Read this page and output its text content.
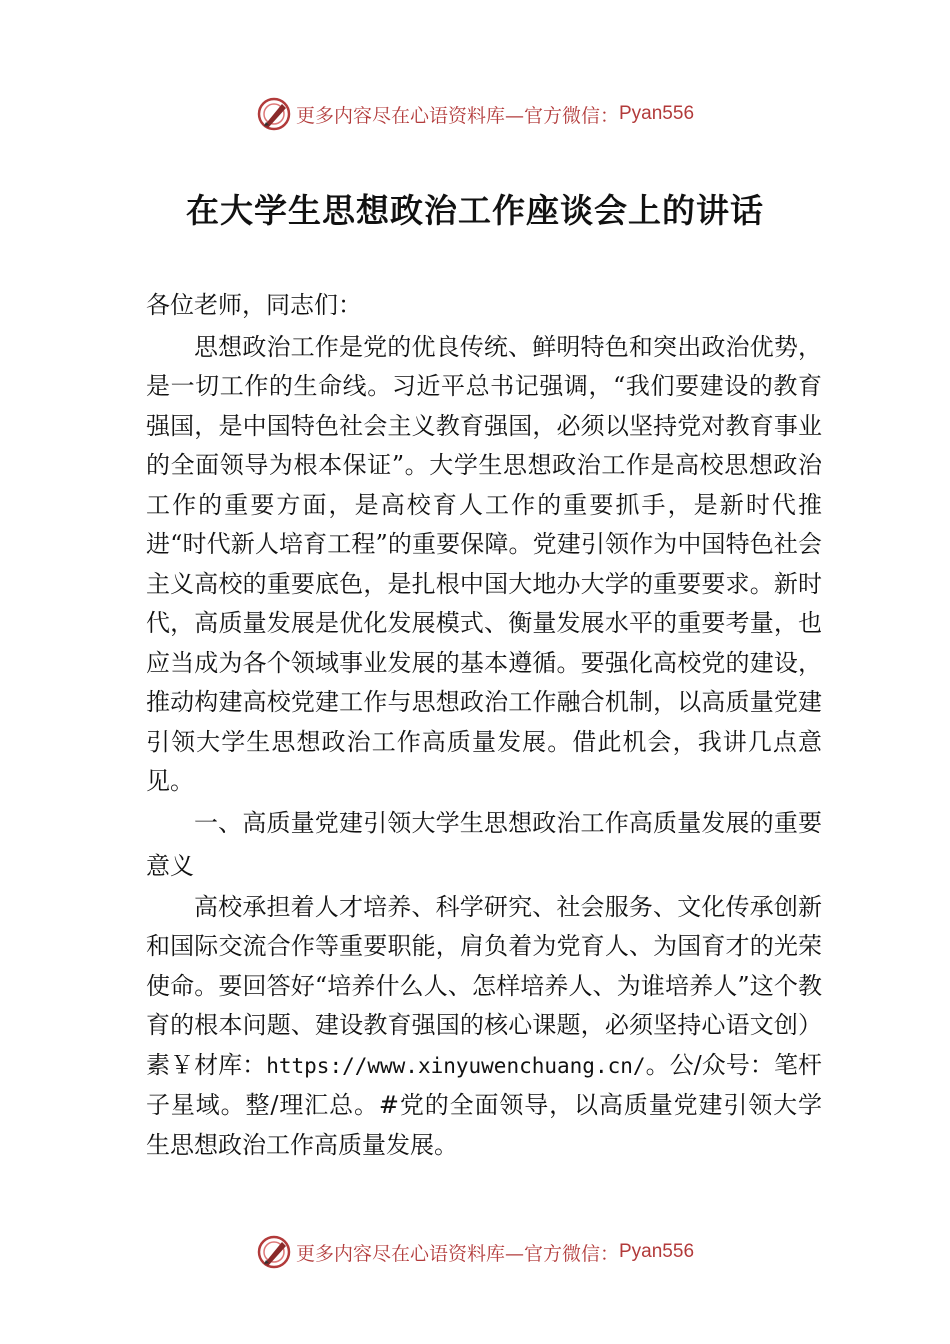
更多内容尽在心语资料库—官方微信： Pyan556
在大学生思想政治工作座谈会上的讲话

各位老师，同志们：

思想政治工作是党的优良传统、鲜明特色和突出政治优势，是一切工作的生命线。习近平总书记强调，“我们要建设的教育强国，是中国特色社会主义教育强国，必须以坚持党对教育事业的全面领导为根本保证”。大学生思想政治工作是高校思想政治工作的重要方面，是高校育人工作的重要抓手，是新时代推进“时代新人培育工程”的重要保障。党建引领作为中国特色社会主义高校的重要底色，是扎根中国大地办大学的重要要求。新时代，高质量发展是优化发展模式、衡量发展水平的重要考量，也应当成为各个领域事业发展的基本遵循。要强化高校党的建设，推动构建高校党建工作与思想政治工作融合机制，以高质量党建引领大学生思想政治工作高质量发展。借此机会，我讲几点意见。

一、高质量党建引领大学生思想政治工作高质量发展的重要意义

高校承担着人才培养、科学研究、社会服务、文化传承创新和国际交流合作等重要职能，肩负着为党育人、为国育才的光荣使命。要回答好“培养什么人、怎样培养人、为谁培养人”这个教育的根本问题、建设教育强国的核心课题，必须坚持心语文创）素￥材库：https://www.xinyuwenchuang.cn/。公/众号：笔杆子星域。整/理汇总。#党的全面领导，以高质量党建引领大学生思想政治工作高质量发展。

更多内容尽在心语资料库—官方微信： Pyan556
